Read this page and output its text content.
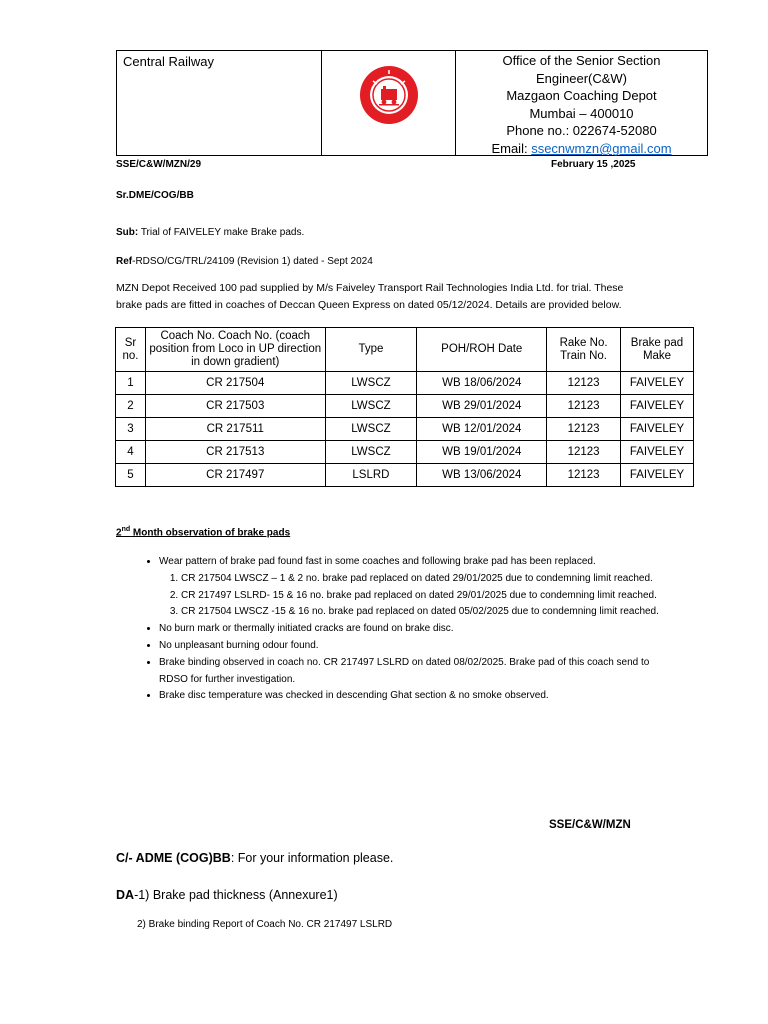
Central Railway	Office of the Senior Section
Engineer(C&W)
Mazgaon Coaching Depot
Mumbai – 400010
Phone no.: 022674-52080
Email: ssecnwmzn@gmail.com
SSE/C&W/MZN/29	February 15 ,2025
Sr.DME/COG/BB
Sub: Trial of FAIVELEY make Brake pads.
Ref-RDSO/CG/TRL/24109 (Revision 1) dated - Sept 2024
MZN Depot Received 100 pad supplied by M/s Faiveley Transport Rail Technologies India Ltd. for trial. These
brake pads are fitted in coaches of Deccan Queen Express on dated 05/12/2024. Details are provided below.
Sr no.	Coach No. Coach No. (coach position from Loco in UP direction in down gradient)	Type	POH/ROH Date	Rake No. Train No.	Brake pad Make
1	CR 217504	LWSCZ	WB 18/06/2024	12123	FAIVELEY
2	CR 217503	LWSCZ	WB 29/01/2024	12123	FAIVELEY
3	CR 217511	LWSCZ	WB 12/01/2024	12123	FAIVELEY
4	CR 217513	LWSCZ	WB 19/01/2024	12123	FAIVELEY
5	CR 217497	LSLRD	WB 13/06/2024	12123	FAIVELEY
2nd Month observation of brake pads
• Wear pattern of brake pad found fast in some coaches and following brake pad has been replaced.
1. CR 217504 LWSCZ – 1 & 2 no. brake pad replaced on dated 29/01/2025 due to condemning limit reached.
2. CR 217497 LSLRD- 15 & 16 no. brake pad replaced on dated 29/01/2025 due to condemning limit reached.
3. CR 217504 LWSCZ -15 & 16 no. brake pad replaced on dated 05/02/2025 due to condemning limit reached.
• No burn mark or thermally initiated cracks are found on brake disc.
• No unpleasant burning odour found.
• Brake binding observed in coach no. CR 217497 LSLRD on dated 08/02/2025. Brake pad of this coach send to RDSO for further investigation.
• Brake disc temperature was checked in descending Ghat section & no smoke observed.
SSE/C&W/MZN
C/- ADME (COG)BB: For your information please.
DA-1) Brake pad thickness (Annexure1)
2) Brake binding Report of Coach No. CR 217497 LSLRD
